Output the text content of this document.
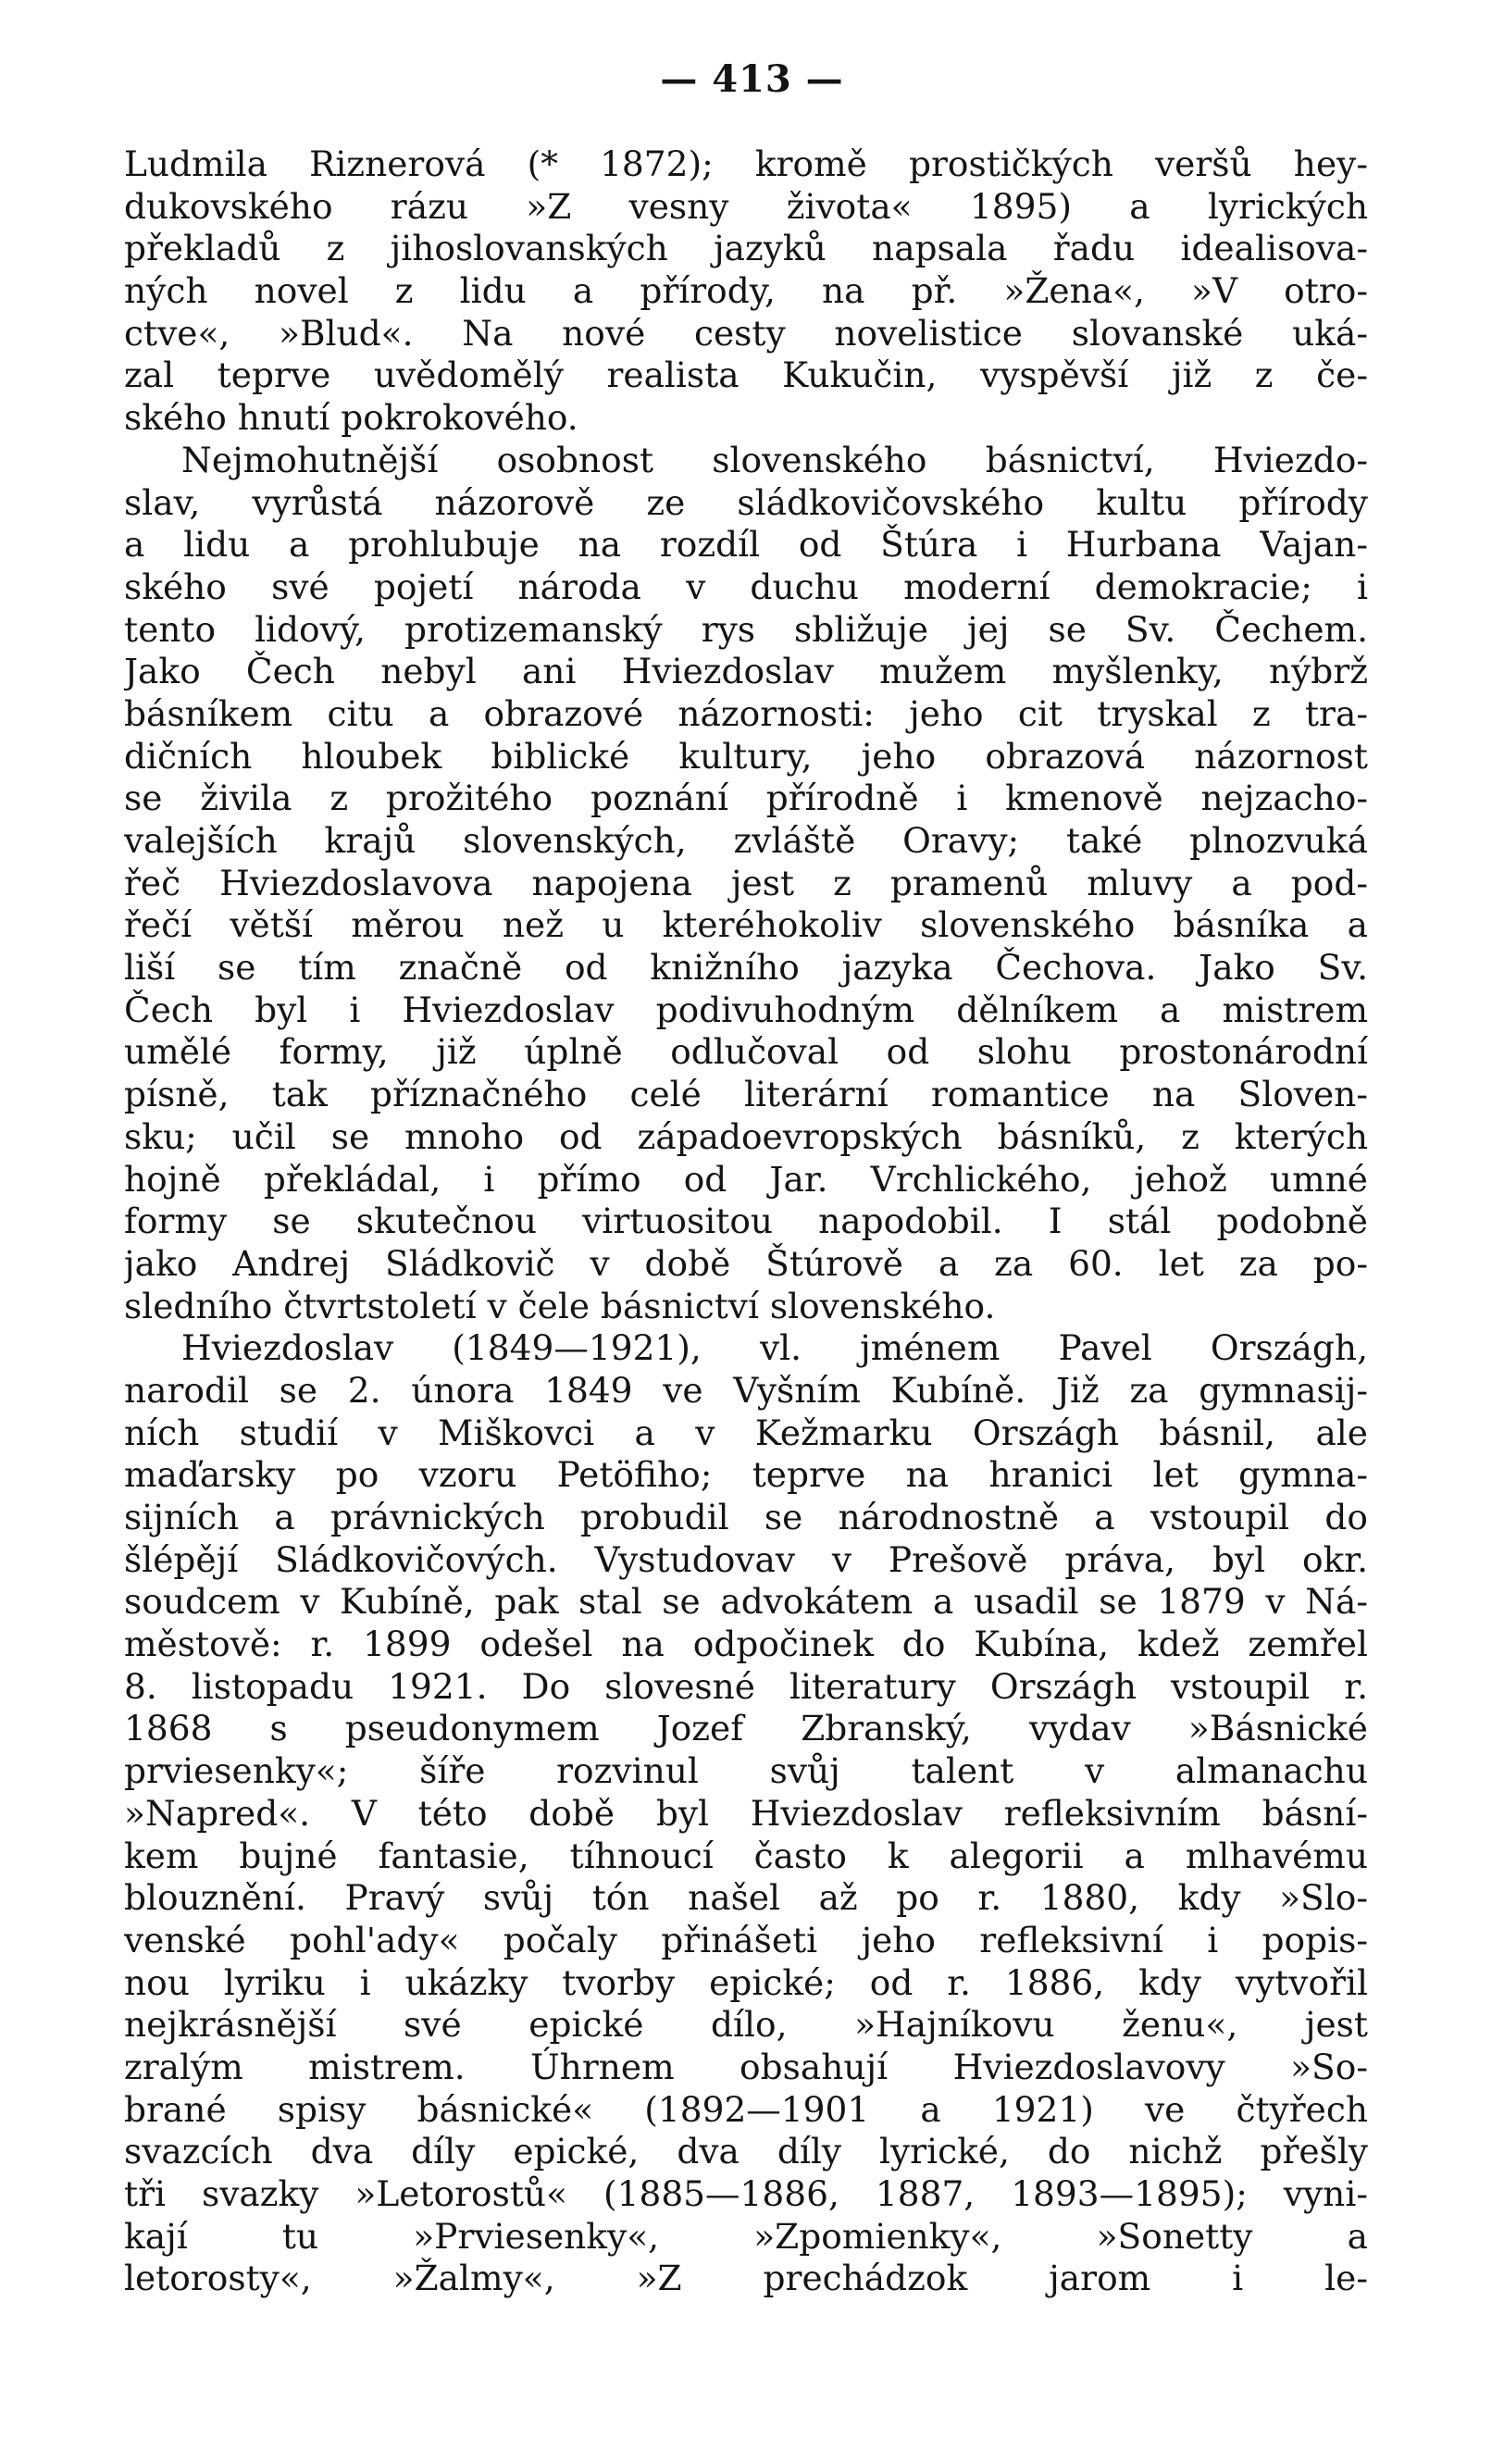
— 413 —
Ludmila Riznerová (* 1872); kromě prostičkých veršů hey-
dukovského rázu »Z vesny života« 1895) a lyrických
překladů z jihoslovanských jazyků napsala řadu idealisova-
ných novel z lidu a přírody, na př. »Žena«, »V otro-
ctve«, »Blud«. Na nové cesty novelistice slovanské uká-
zal teprve uvědomělý realista Kukučin, vyspěvší již z če-
ského hnutí pokrokového.
Nejmohutnější osobnost slovenského básnictví, Hviezdo-
slav, vyrůstá názorově ze sládkovičovského kultu přírody
a lidu a prohlubuje na rozdíl od Štúra i Hurbana Vajan-
ského své pojetí národa v duchu moderní demokracie; i
tento lidový, protizemanský rys sbližuje jej se Sv. Čechem.
Jako Čech nebyl ani Hviezdoslav mužem myšlenky, nýbrž
básníkem citu a obrazové názornosti: jeho cit tryskal z tra-
dičních hloubek biblické kultury, jeho obrazová názornost
se živila z prožitého poznání přírodně i kmenově nejzacho-
valejších krajů slovenských, zvláště Oravy; také plnozvuká
řeč Hviezdoslavova napojena jest z pramenů mluvy a pod-
řečí větší měrou než u kteréhokoliv slovenského básníka a
liší se tím značně od knižního jazyka Čechova. Jako Sv.
Čech byl i Hviezdoslav podivuhodným dělníkem a mistrem
umělé formy, již úplně odlučoval od slohu prostonárodní
písně, tak příznačného celé literární romantice na Sloven-
sku; učil se mnoho od západoevropských básníků, z kterých
hojně překládal, i přímo od Jar. Vrchlického, jehož umné
formy se skutečnou virtuositou napodobil. I stál podobně
jako Andrej Sládkovič v době Štúrově a za 60. let za po-
sledního čtvrtstoletí v čele básnictví slovenského.
Hviezdoslav (1849—1921), vl. jménem Pavel Országh,
narodil se 2. února 1849 ve Vyšním Kubíně. Již za gymnasij-
ních studií v Miškovci a v Kežmarku Országh básnil, ale
maďarsky po vzoru Petöfiho; teprve na hranici let gymna-
sijních a právnických probudil se národnostně a vstoupil do
šlépějí Sládkovičových. Vystudovav v Prešově práva, byl okr.
soudcem v Kubíně, pak stal se advokátem a usadil se 1879 v Ná-
městově: r. 1899 odešel na odpočinek do Kubína, kdež zemřel
8. listopadu 1921. Do slovesné literatury Országh vstoupil r.
1868 s pseudonymem Jozef Zbranský, vydav »Básnické
prviesenky«; šíře rozvinul svůj talent v almanachu
»Napred«. V této době byl Hviezdoslav refleksivním básní-
kem bujné fantasie, tíhnoucí často k alegorii a mlhavému
blouznění. Pravý svůj tón našel až po r. 1880, kdy »Slo-
venské pohl'ady« počaly přinášeti jeho refleksivní i popis-
nou lyriku i ukázky tvorby epické; od r. 1886, kdy vytvořil
nejkrásnější své epické dílo, »Hajníkovu ženu«, jest
zralým mistrem. Úhrnem obsahují Hviezdoslavovy »So-
brané spisy básnické« (1892—1901 a 1921) ve čtyřech
svazcích dva díly epické, dva díly lyrické, do nichž přešly
tři svazky »Letorostů« (1885—1886, 1887, 1893—1895); vyni-
kají tu »Prviesenky«, »Zpomienky«, »Sonetty a
letorosty«, »Žalmy«, »Z prechádzok jarom i le-
